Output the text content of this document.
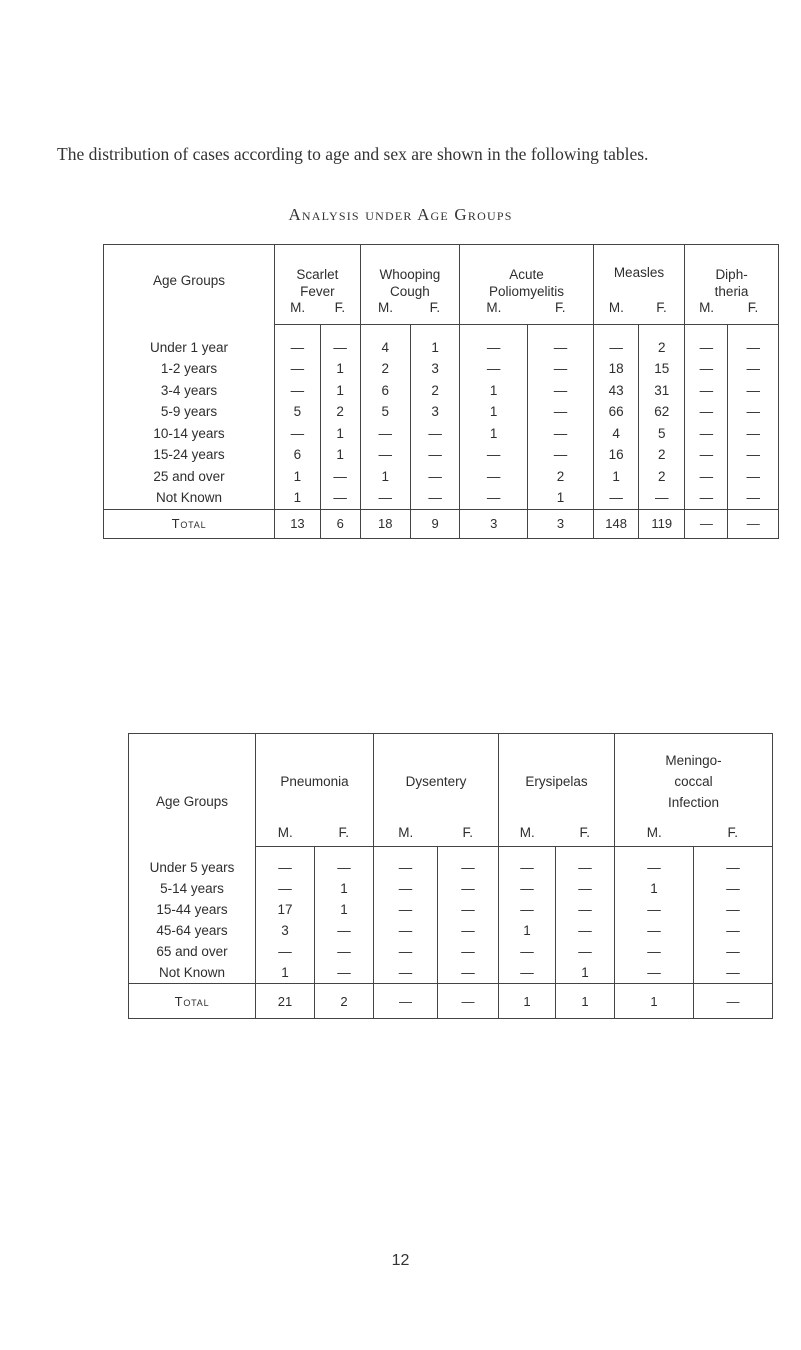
The distribution of cases according to age and sex are shown in the following tables.

Analysis under Age Groups
Age Groups	Scarlet
Fever		Whooping
Cough		Acute
Poliomyelitis		Measles		Diph-
theria	
	M.	F.	M.	F.	M.	F.	M.	F.	M.	F.
Under 1 year	—	—	4	1	—	—	—	2	—	—
1-2 years	—	1	2	3	—	—	18	15	—	—
3-4 years	—	1	6	2	1	—	43	31	—	—
5-9 years	5	2	5	3	1	—	66	62	—	—
10-14 years	—	1	—	—	1	—	4	5	—	—
15-24 years	6	1	—	—	—	—	16	2	—	—
25 and over	1	—	1	—	—	2	1	2	—	—
Not Known	1	—	—	—	—	1	—	—	—	—
Total	13	6	18	9	3	3	148	119	—	—
Age Groups	Pneumonia		Dysentery		Erysipelas		Meningo-
coccal
Infection	
	M.	F.	M.	F.	M.	F.	M.	F.
Under 5 years	—	—	—	—	—	—	—	—
5-14 years	—	1	—	—	—	—	1	—
15-44 years	17	1	—	—	—	—	—	—
45-64 years	3	—	—	—	1	—	—	—
65 and over	—	—	—	—	—	—	—	—
Not Known	1	—	—	—	—	1	—	—
Total	21	2	—	—	1	1	1	—
12
